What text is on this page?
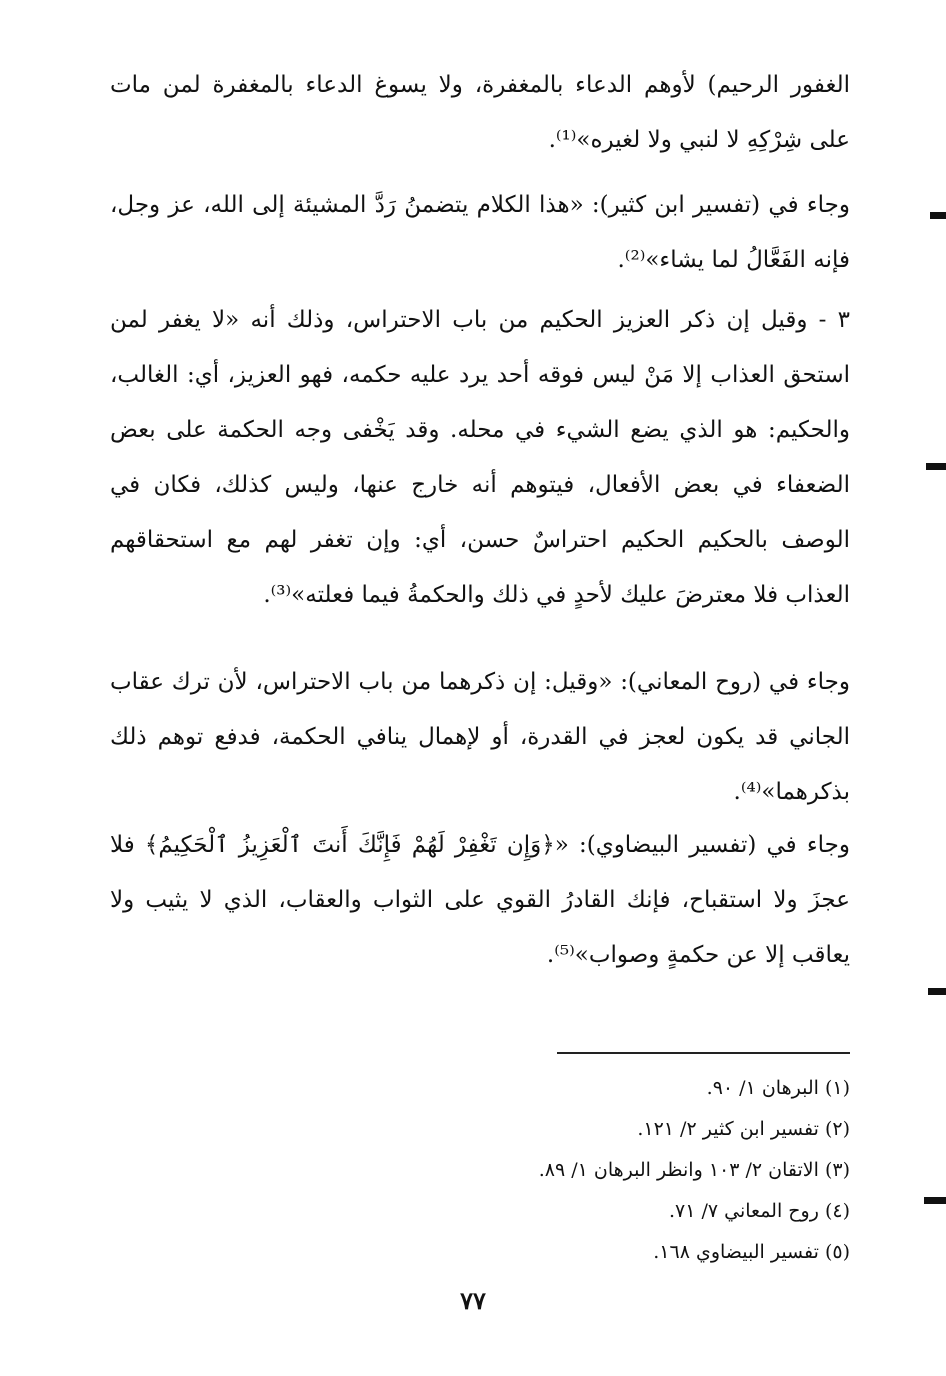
الغفور الرحيم) لأوهم الدعاء بالمغفرة، ولا يسوغ الدعاء بالمغفرة لمن مات على شِرْكِهِ لا لنبي ولا لغيره»⁽¹⁾.

وجاء في (تفسير ابن كثير): «هذا الكلام يتضمنُ رَدَّ المشيئة إلى الله، عز وجل، فإنه الفَعَّالُ لما يشاء»⁽²⁾.

٣ - وقيل إن ذكر العزيز الحكيم من باب الاحتراس، وذلك أنه «لا يغفر لمن استحق العذاب إلا مَنْ ليس فوقه أحد يرد عليه حكمه، فهو العزيز، أي: الغالب، والحكيم: هو الذي يضع الشيء في محله. وقد يَخْفى وجه الحكمة على بعض الضعفاء في بعض الأفعال، فيتوهم أنه خارج عنها، وليس كذلك، فكان في الوصف بالحكيم الحكيم احتراسٌ حسن، أي: وإن تغفر لهم مع استحقاقهم العذاب فلا معترضَ عليك لأحدٍ في ذلك والحكمةُ فيما فعلته»⁽³⁾.

وجاء في (روح المعاني): «وقيل: إن ذكرهما من باب الاحتراس، لأن ترك عقاب الجاني قد يكون لعجز في القدرة، أو لإهمال ينافي الحكمة، فدفع توهم ذلك بذكرهما»⁽⁴⁾.

وجاء في (تفسير البيضاوي): «﴿وَإِن تَغْفِرْ لَهُمْ فَإِنَّكَ أَنتَ ٱلْعَزِيزُ ٱلْحَكِيمُ﴾ فلا عجزَ ولا استقباح، فإنك القادرُ القوي على الثواب والعقاب، الذي لا يثيب ولا يعاقب إلا عن حكمةٍ وصواب»⁽⁵⁾.

(١) البرهان ١/ ٩٠.
(٢) تفسير ابن كثير ٢/ ١٢١.
(٣) الاتقان ٢/ ١٠٣ وانظر البرهان ١/ ٨٩.
(٤) روح المعاني ٧/ ٧١.
(٥) تفسير البيضاوي ١٦٨.
٧٧
